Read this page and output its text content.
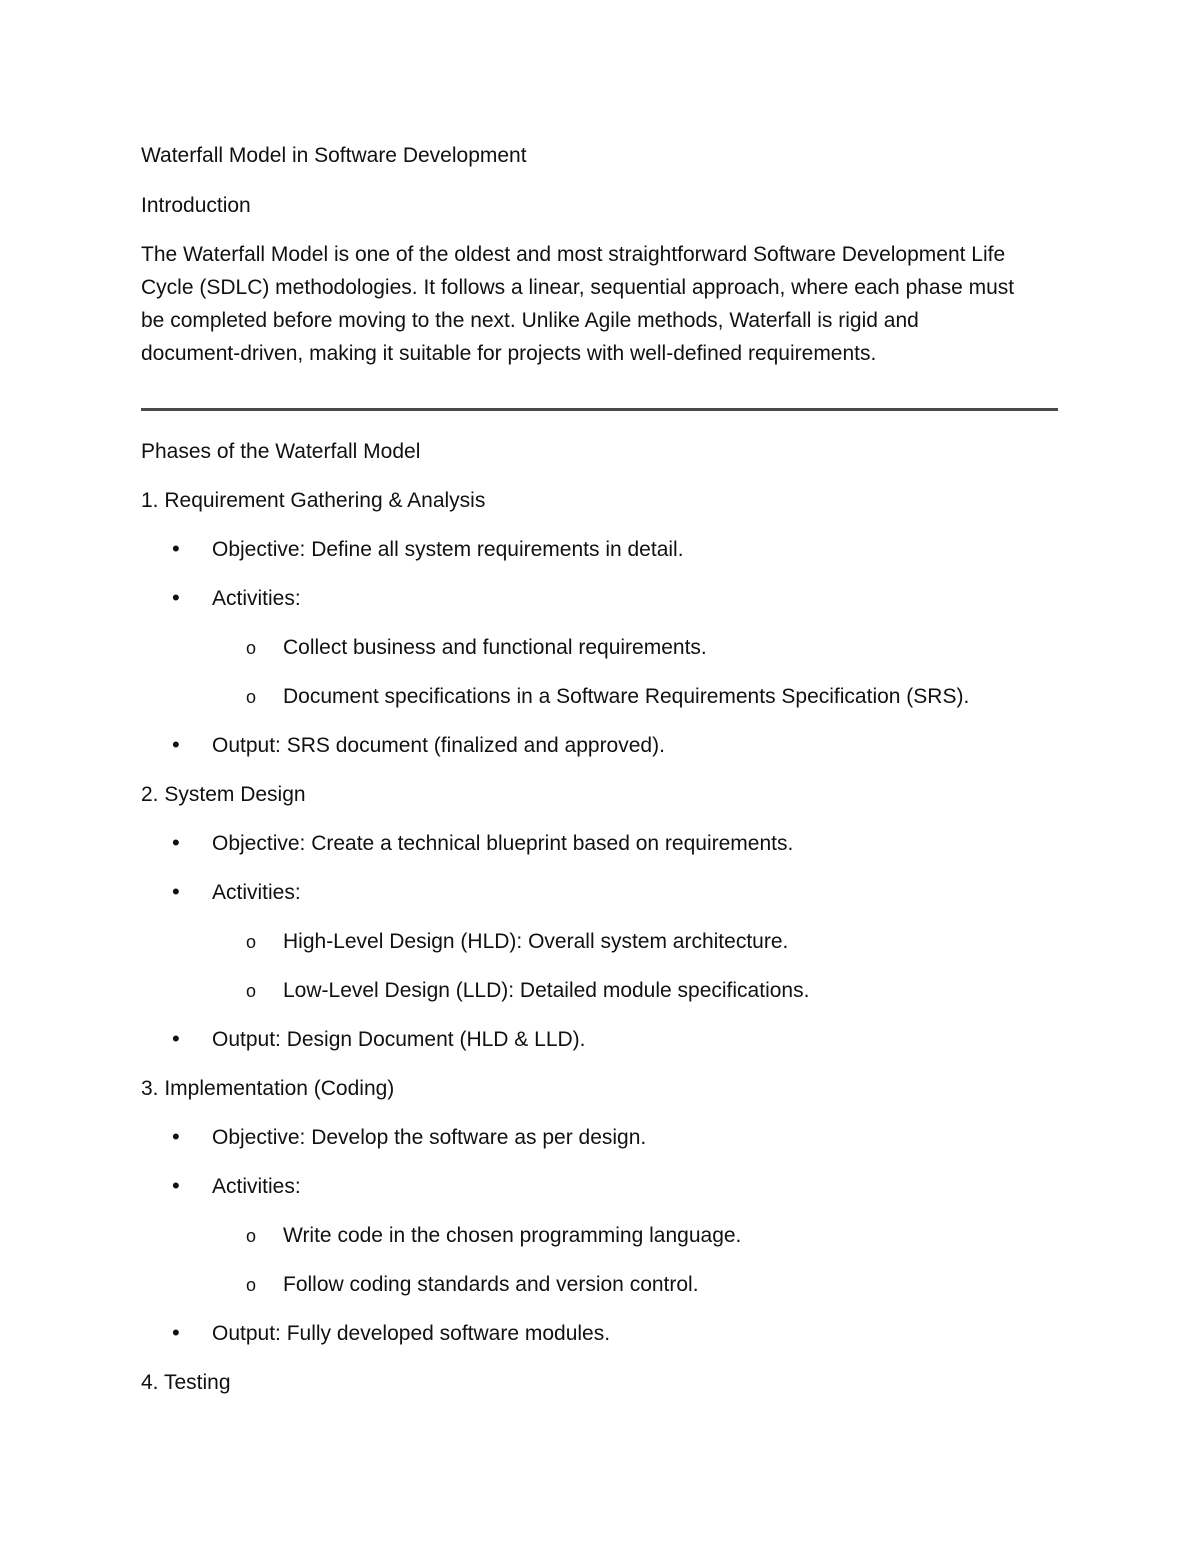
Waterfall Model in Software Development
Introduction
The Waterfall Model is one of the oldest and most straightforward Software Development Life
Cycle (SDLC) methodologies. It follows a linear, sequential approach, where each phase must
be completed before moving to the next. Unlike Agile methods, Waterfall is rigid and
document-driven, making it suitable for projects with well-defined requirements.
Phases of the Waterfall Model
1. Requirement Gathering & Analysis
• Objective: Define all system requirements in detail.
• Activities:
o Collect business and functional requirements.
o Document specifications in a Software Requirements Specification (SRS).
• Output: SRS document (finalized and approved).
2. System Design
• Objective: Create a technical blueprint based on requirements.
• Activities:
o High-Level Design (HLD): Overall system architecture.
o Low-Level Design (LLD): Detailed module specifications.
• Output: Design Document (HLD & LLD).
3. Implementation (Coding)
• Objective: Develop the software as per design.
• Activities:
o Write code in the chosen programming language.
o Follow coding standards and version control.
• Output: Fully developed software modules.
4. Testing
